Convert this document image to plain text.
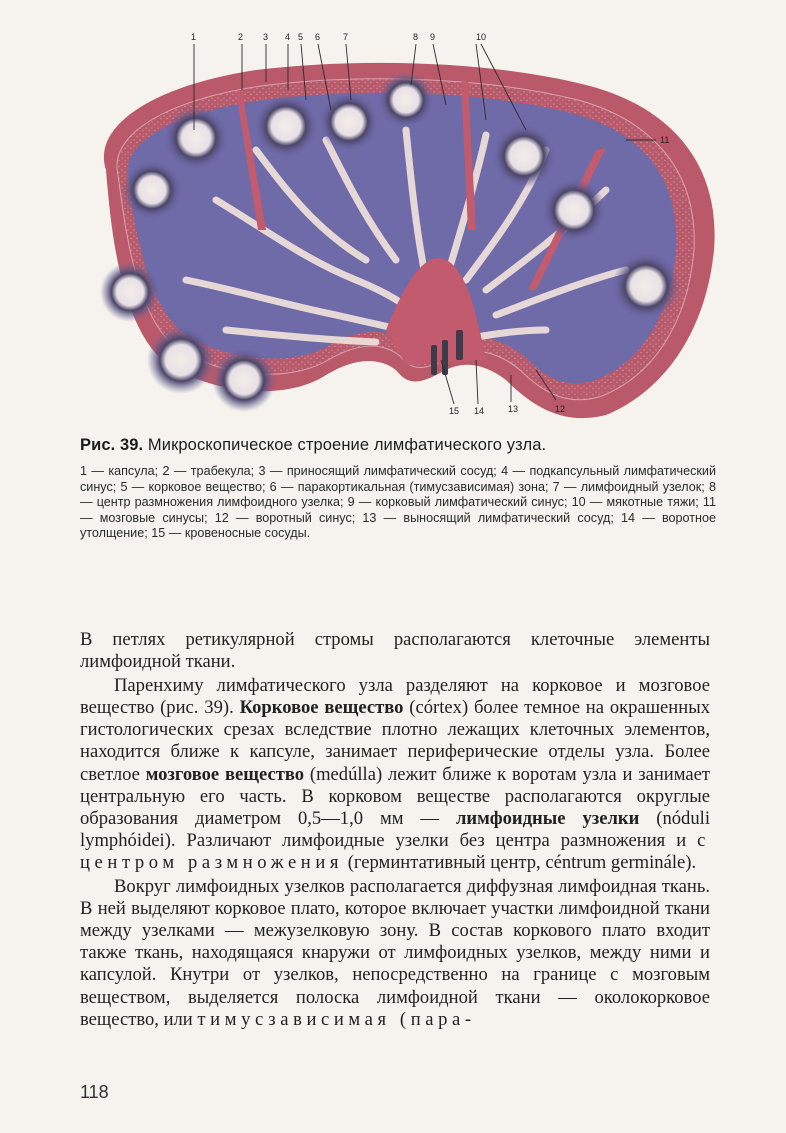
1	2 3 4 5 6	7	8 9	10
11
12
13
14
15
Рис. 39. Микроскопическое строение лимфатического узла.
1 — капсула; 2 — трабекула; 3 — приносящий лимфатический сосуд; 4 — подкапсульный лимфатический синус; 5 — корковое вещество; 6 — паракортикальная (тимусзависимая) зона; 7 — лимфоидный узелок; 8 — центр размножения лимфоидного узелка; 9 — корковый лимфатический синус; 10 — мякотные тяжи; 11 — мозговые синусы; 12 — воротный синус; 13 — выносящий лимфатический сосуд; 14 — воротное утолщение; 15 — кровеносные сосуды.

В петлях ретикулярной стромы располагаются клеточные элементы лимфоидной ткани.

Паренхиму лимфатического узла разделяют на корковое и мозговое вещество (рис. 39). Корковое вещество (córtex) более темное на окрашенных гистологических срезах вследствие плотно лежащих клеточных элементов, находится ближе к капсуле, занимает периферические отделы узла. Более светлое мозговое вещество (medúlla) лежит ближе к воротам узла и занимает центральную его часть. В корковом веществе располагаются округлые образования диаметром 0,5—1,0 мм — лимфоидные узелки (nóduli lymphóidei). Различают лимфоидные узелки без центра размножения и с центром размножения (герминтативный центр, céntrum germinále).

Вокруг лимфоидных узелков располагается диффузная лимфоидная ткань. В ней выделяют корковое плато, которое включает участки лимфоидной ткани между узелками — межузелковую зону. В состав коркового плато входит также ткань, находящаяся кнаружи от лимфоидных узелков, между ними и капсулой. Кнутри от узелков, непосредственно на границе с мозговым веществом, выделяется полоска лимфоидной ткани — околокорковое вещество, или тимусзависимая (пара-

118
